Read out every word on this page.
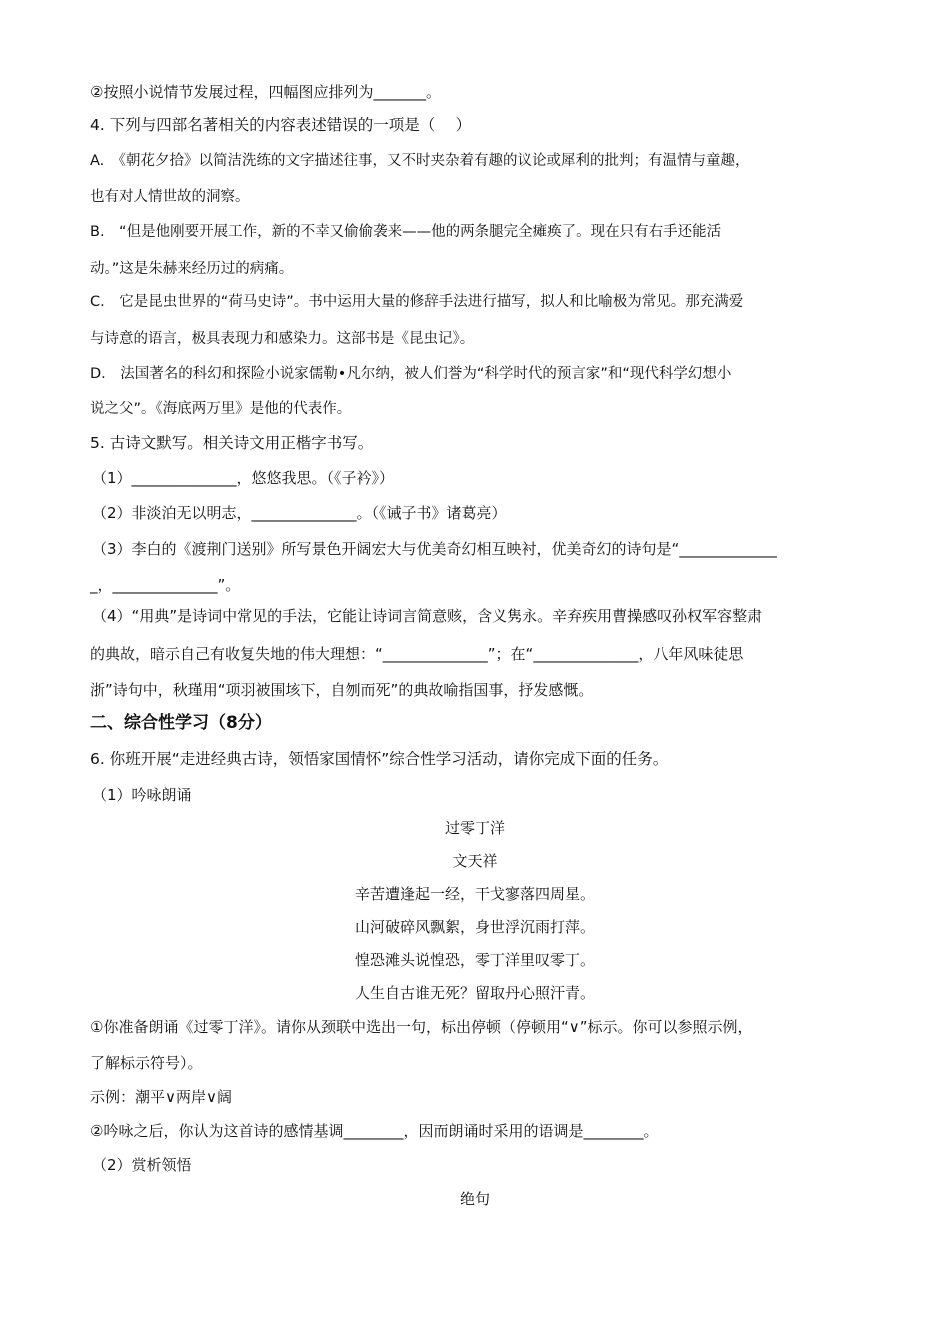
②按照小说情节发展过程，四幅图应排列为_______。
4. 下列与四部名著相关的内容表述错误的一项是（　 ）
A.　《朝花夕拾》以简洁洗练的文字描述往事，又不时夹杂着有趣的议论或犀利的批判；有温情与童趣，
也有对人情世故的洞察。
B.　“但是他刚要开展工作，新的不幸又偷偷袭来——他的两条腿完全瘫痪了。现在只有右手还能活
动。”这是朱赫来经历过的病痛。
C.　它是昆虫世界的“荷马史诗”。书中运用大量的修辞手法进行描写，拟人和比喻极为常见。那充满爱
与诗意的语言，极具表现力和感染力。这部书是《昆虫记》。
D.　法国著名的科幻和探险小说家儒勒•凡尔纳，被人们誉为“科学时代的预言家”和“现代科学幻想小
说之父”。《海底两万里》是他的代表作。
5. 古诗文默写。相关诗文用正楷字书写。
（1）______________，悠悠我思。（《子衿》）
（2）非淡泊无以明志，______________。（《诫子书》诸葛亮）
（3）李白的《渡荆门送别》所写景色开阔宏大与优美奇幻相互映衬，优美奇幻的诗句是“_____________
_，______________”。
（4）“用典”是诗词中常见的手法，它能让诗词言简意赅，含义隽永。辛弃疾用曹操感叹孙权军容整肃
的典故，暗示自己有收复失地的伟大理想：“______________”；在“______________，八年风味徒思
浙”诗句中，秋瑾用“项羽被围垓下，自刎而死”的典故喻指国事，抒发感慨。
二、综合性学习（8分）
6. 你班开展“走进经典古诗，领悟家国情怀”综合性学习活动，请你完成下面的任务。
（1）吟咏朗诵
过零丁洋
文天祥
辛苦遭逢起一经，干戈寥落四周星。
山河破碎风飘絮，身世浮沉雨打萍。
惶恐滩头说惶恐，零丁洋里叹零丁。
人生自古谁无死？留取丹心照汗青。
①你准备朗诵《过零丁洋》。请你从颈联中选出一句，标出停顿（停顿用“∨”标示。你可以参照示例，
了解标示符号）。
示例：潮平∨两岸∨阔
②吟咏之后，你认为这首诗的感情基调________，因而朗诵时采用的语调是________。
（2）赏析领悟
绝句
